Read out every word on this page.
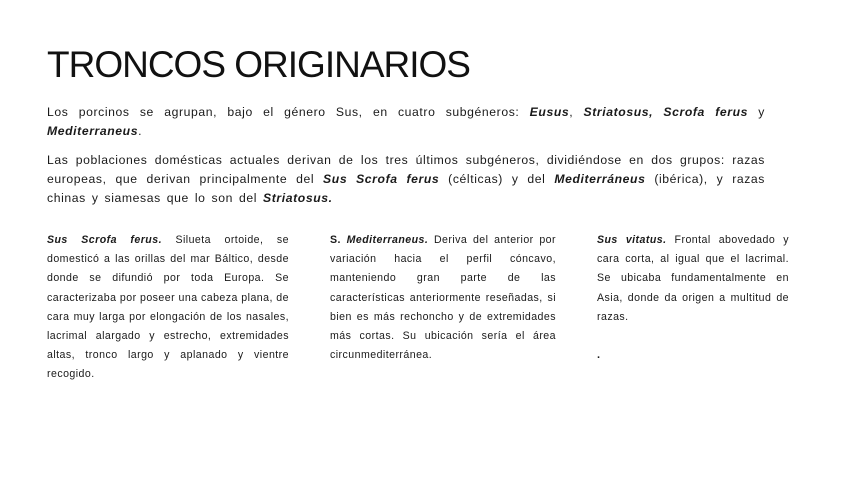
TRONCOS ORIGINARIOS
Los porcinos se agrupan, bajo el género Sus, en cuatro subgéneros: Eusus, Striatosus, Scrofa ferus y Mediterraneus.
Las poblaciones domésticas actuales derivan de los tres últimos subgéneros, dividiéndose en dos grupos: razas europeas, que derivan principalmente del Sus Scrofa ferus (célticas) y del Mediterráneus (ibérica), y razas chinas y siamesas que lo son del Striatosus.
Sus Scrofa ferus. Silueta ortoide, se domesticó a las orillas del mar Báltico, desde donde se difundió por toda Europa. Se caracterizaba por poseer una cabeza plana, de cara muy larga por elongación de los nasales, lacrimal alargado y estrecho, extremidades altas, tronco largo y aplanado y vientre recogido.
S. Mediterraneus. Deriva del anterior por variación hacia el perfil cóncavo, manteniendo gran parte de las características anteriormente reseñadas, si bien es más rechoncho y de extremidades más cortas. Su ubicación sería el área circunmediterránea.
Sus vitatus. Frontal abovedado y cara corta, al igual que el lacrimal. Se ubicaba fundamentalmente en Asia, donde da origen a multitud de razas.
.
